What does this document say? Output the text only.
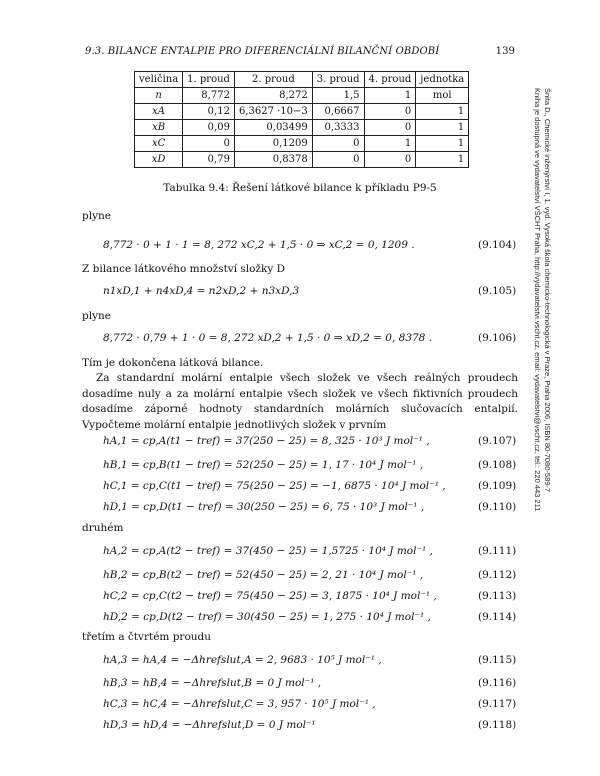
9.3. BILANCE ENTALPIE PRO DIFERENCIÁLNÍ BILANČNÍ OBDOBÍ	139
Šnita D., Chemické inženýrství I, 1. vyd. Vysoká škola chemicko-technologická v Praze, Praha 2006, ISBN 80-7080-589-7
Kniha je dostupná ve vydavatelství VŠCHT Praha, http://vydavatelstvi.vscht.cz, email: vydavatelstvi@vscht.cz, tel.: 220 443 211
veličina	1. proud	2. proud	3. proud	4. proud	jednotka
n	8,772	8,272	1,5	1	mol
xA	0,12	6,3627 ·10−3	0,6667	0	1
xB	0,09	0,03499	0,3333	0	1
xC	0	0,1209	0	1	1
xD	0,79	0,8378	0	0	1
Tabulka 9.4: Řešení látkové bilance k příkladu P9-5
plyne
8,772 · 0 + 1 · 1 = 8, 272 xC,2 + 1,5 · 0 ⇒ xC,2 = 0, 1209 .	(9.104)
Z bilance látkového množství složky D
n1xD,1 + n4xD,4 = n2xD,2 + n3xD,3	(9.105)
plyne
8,772 · 0,79 + 1 · 0 = 8, 272 xD,2 + 1,5 · 0 ⇒ xD,2 = 0, 8378 .	(9.106)
Tím je dokončena látková bilance.
Za standardní molární entalpie všech složek ve všech reálných proudech dosadíme nuly a za molární entalpie všech složek ve všech fiktivních proudech dosadíme záporné hodnoty standardních molárních slučovacích entalpií. Vypočteme molární entalpie jednotlivých složek v prvním
hA,1 = cp,A(t1 − tref) = 37(250 − 25) = 8, 325 · 10³ J mol⁻¹ ,	(9.107)
hB,1 = cp,B(t1 − tref) = 52(250 − 25) = 1, 17 · 10⁴ J mol⁻¹ ,	(9.108)
hC,1 = cp,C(t1 − tref) = 75(250 − 25) = −1, 6875 · 10⁴ J mol⁻¹ ,	(9.109)
hD,1 = cp,D(t1 − tref) = 30(250 − 25) = 6, 75 · 10³ J mol⁻¹ ,	(9.110)
druhém
hA,2 = cp,A(t2 − tref) = 37(450 − 25) = 1,5725 · 10⁴ J mol⁻¹ ,	(9.111)
hB,2 = cp,B(t2 − tref) = 52(450 − 25) = 2, 21 · 10⁴ J mol⁻¹ ,	(9.112)
hC,2 = cp,C(t2 − tref) = 75(450 − 25) = 3, 1875 · 10⁴ J mol⁻¹ ,	(9.113)
hD,2 = cp,D(t2 − tref) = 30(450 − 25) = 1, 275 · 10⁴ J mol⁻¹ ,	(9.114)
třetím a čtvrtém proudu
hA,3 = hA,4 = −Δhrefslut,A = 2, 9683 · 10⁵ J mol⁻¹ ,	(9.115)
hB,3 = hB,4 = −Δhrefslut,B = 0 J mol⁻¹ ,	(9.116)
hC,3 = hC,4 = −Δhrefslut,C = 3, 957 · 10⁵ J mol⁻¹ ,	(9.117)
hD,3 = hD,4 = −Δhrefslut,D = 0 J mol⁻¹	(9.118)
